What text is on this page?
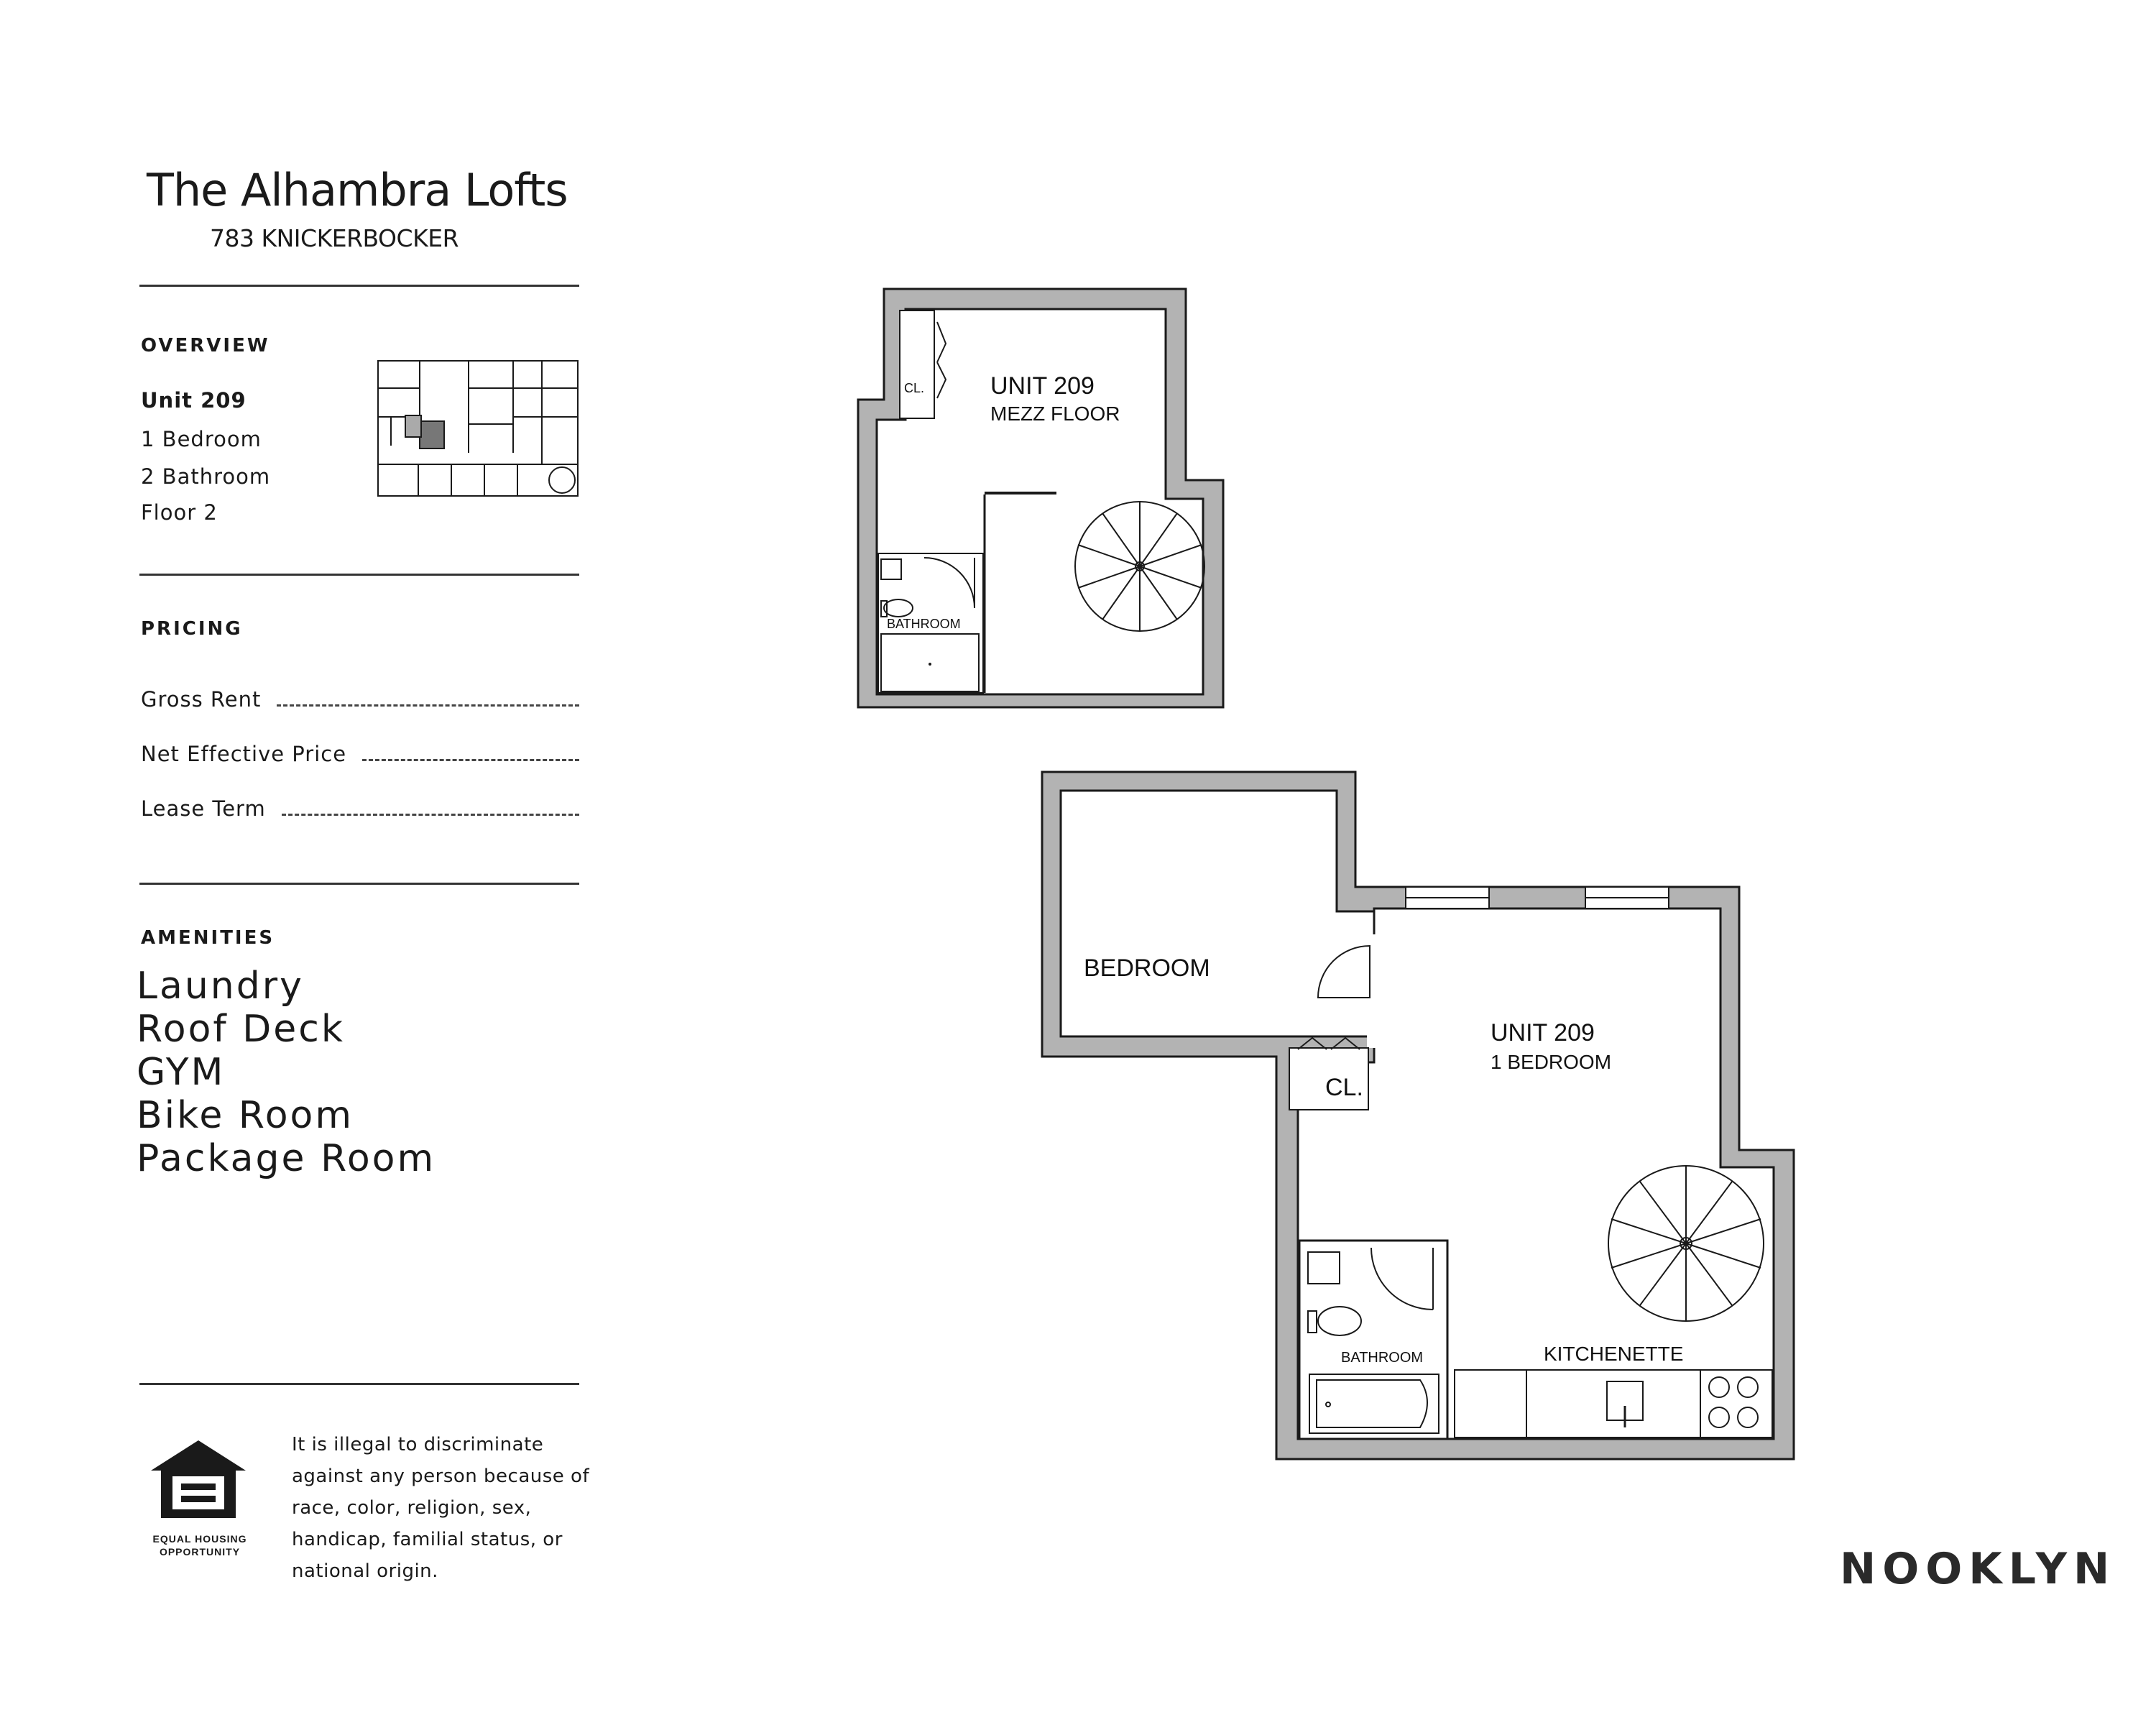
The Alhambra Lofts
783 KNICKERBOCKER
OVERVIEW
Unit 209
1 Bedroom
2 Bathroom
Floor 2
PRICING
Gross Rent
Net Effective Price
Lease Term
AMENITIES
Laundry
Roof Deck
GYM
Bike Room
Package Room
EQUAL HOUSING
OPPORTUNITY
It is illegal to discriminate against any person because of race, color, religion, sex, handicap, familial status, or national origin.	NOOKLYN
UNIT 209
MEZZ FLOOR
CL.
BATHROOM
BEDROOM
CL.
UNIT 209
1 BEDROOM
BATHROOM	KITCHENETTE
